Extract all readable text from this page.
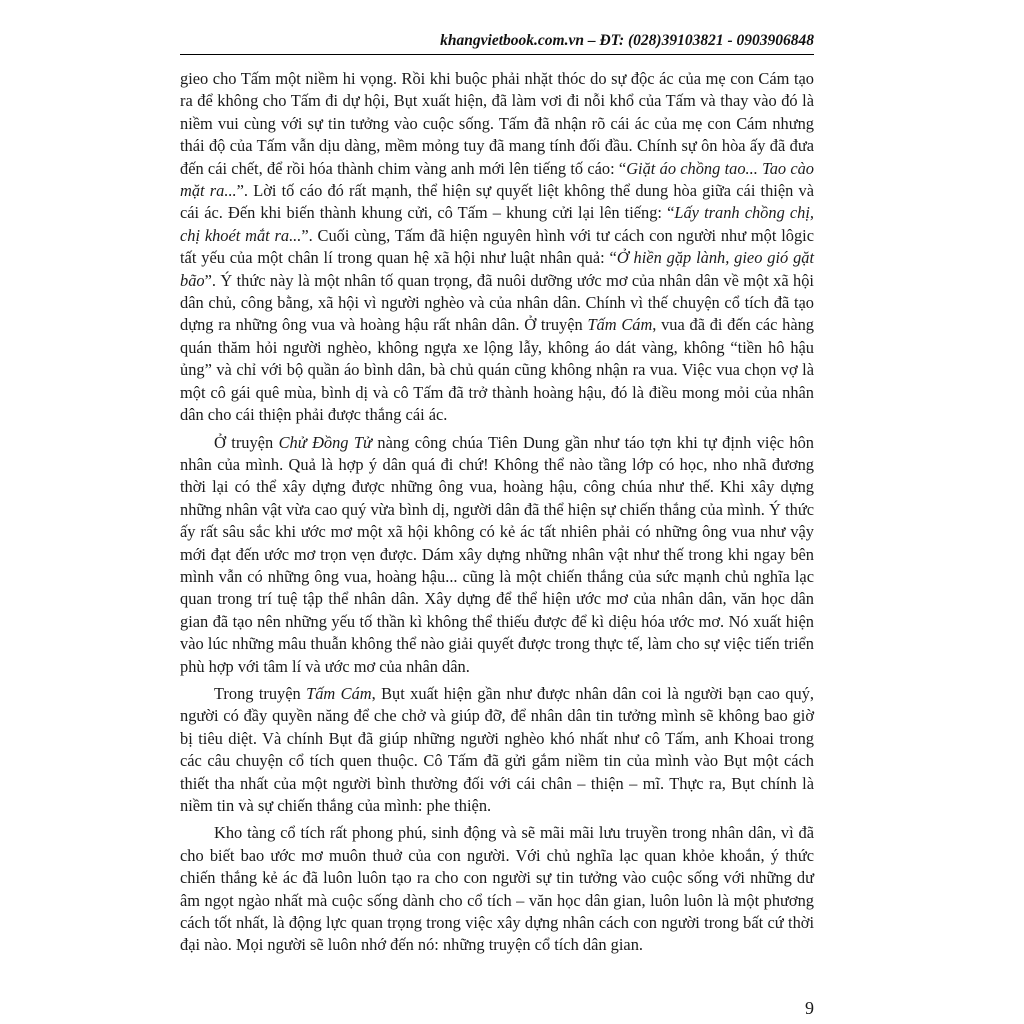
khangvietbook.com.vn – ĐT: (028)39103821 - 0903906848

gieo cho Tấm một niềm hi vọng. Rồi khi buộc phải nhặt thóc do sự độc ác của mẹ con Cám tạo ra để không cho Tấm đi dự hội, Bụt xuất hiện, đã làm vơi đi nỗi khổ của Tấm và thay vào đó là niềm vui cùng với sự tin tưởng vào cuộc sống. Tấm đã nhận rõ cái ác của mẹ con Cám nhưng thái độ của Tấm vẫn dịu dàng, mềm mỏng tuy đã mang tính đối đầu. Chính sự ôn hòa ấy đã đưa đến cái chết, để rồi hóa thành chim vàng anh mới lên tiếng tố cáo: “Giặt áo chồng tao... Tao cào mặt ra...”. Lời tố cáo đó rất mạnh, thể hiện sự quyết liệt không thể dung hòa giữa cái thiện và cái ác. Đến khi biến thành khung cửi, cô Tấm – khung cửi lại lên tiếng: “Lấy tranh chồng chị, chị khoét mắt ra...”. Cuối cùng, Tấm đã hiện nguyên hình với tư cách con người như một lôgic tất yếu của một chân lí trong quan hệ xã hội như luật nhân quả: “Ở hiền gặp lành, gieo gió gặt bão”. Ý thức này là một nhân tố quan trọng, đã nuôi dưỡng ước mơ của nhân dân về một xã hội dân chủ, công bằng, xã hội vì người nghèo và của nhân dân. Chính vì thế chuyện cổ tích đã tạo dựng ra những ông vua và hoàng hậu rất nhân dân. Ở truyện Tấm Cám, vua đã đi đến các hàng quán thăm hỏi người nghèo, không ngựa xe lộng lẫy, không áo dát vàng, không “tiền hô hậu ủng” và chỉ với bộ quần áo bình dân, bà chủ quán cũng không nhận ra vua. Việc vua chọn vợ là một cô gái quê mùa, bình dị và cô Tấm đã trở thành hoàng hậu, đó là điều mong mỏi của nhân dân cho cái thiện phải được thắng cái ác.

Ở truyện Chử Đồng Tử nàng công chúa Tiên Dung gần như táo tợn khi tự định việc hôn nhân của mình. Quả là hợp ý dân quá đi chứ! Không thể nào tầng lớp có học, nho nhã đương thời lại có thể xây dựng được những ông vua, hoàng hậu, công chúa như thế. Khi xây dựng những nhân vật vừa cao quý vừa bình dị, người dân đã thể hiện sự chiến thắng của mình. Ý thức ấy rất sâu sắc khi ước mơ một xã hội không có kẻ ác tất nhiên phải có những ông vua như vậy mới đạt đến ước mơ trọn vẹn được. Dám xây dựng những nhân vật như thế trong khi ngay bên mình vẫn có những ông vua, hoàng hậu... cũng là một chiến thắng của sức mạnh chủ nghĩa lạc quan trong trí tuệ tập thể nhân dân. Xây dựng để thể hiện ước mơ của nhân dân, văn học dân gian đã tạo nên những yếu tố thần kì không thể thiếu được để kì diệu hóa ước mơ. Nó xuất hiện vào lúc những mâu thuẫn không thể nào giải quyết được trong thực tế, làm cho sự việc tiến triển phù hợp với tâm lí và ước mơ của nhân dân.

Trong truyện Tấm Cám, Bụt xuất hiện gần như được nhân dân coi là người bạn cao quý, người có đầy quyền năng để che chở và giúp đỡ, để nhân dân tin tưởng mình sẽ không bao giờ bị tiêu diệt. Và chính Bụt đã giúp những người nghèo khó nhất như cô Tấm, anh Khoai trong các câu chuyện cổ tích quen thuộc. Cô Tấm đã gửi gắm niềm tin của mình vào Bụt một cách thiết tha nhất của một người bình thường đối với cái chân – thiện – mĩ. Thực ra, Bụt chính là niềm tin và sự chiến thắng của mình: phe thiện.

Kho tàng cổ tích rất phong phú, sinh động và sẽ mãi mãi lưu truyền trong nhân dân, vì đã cho biết bao ước mơ muôn thuở của con người. Với chủ nghĩa lạc quan khỏe khoắn, ý thức chiến thắng kẻ ác đã luôn luôn tạo ra cho con người sự tin tưởng vào cuộc sống với những dư âm ngọt ngào nhất mà cuộc sống dành cho cổ tích – văn học dân gian, luôn luôn là một phương cách tốt nhất, là động lực quan trọng trong việc xây dựng nhân cách con người trong bất cứ thời đại nào. Mọi người sẽ luôn nhớ đến nó: những truyện cổ tích dân gian.

9
